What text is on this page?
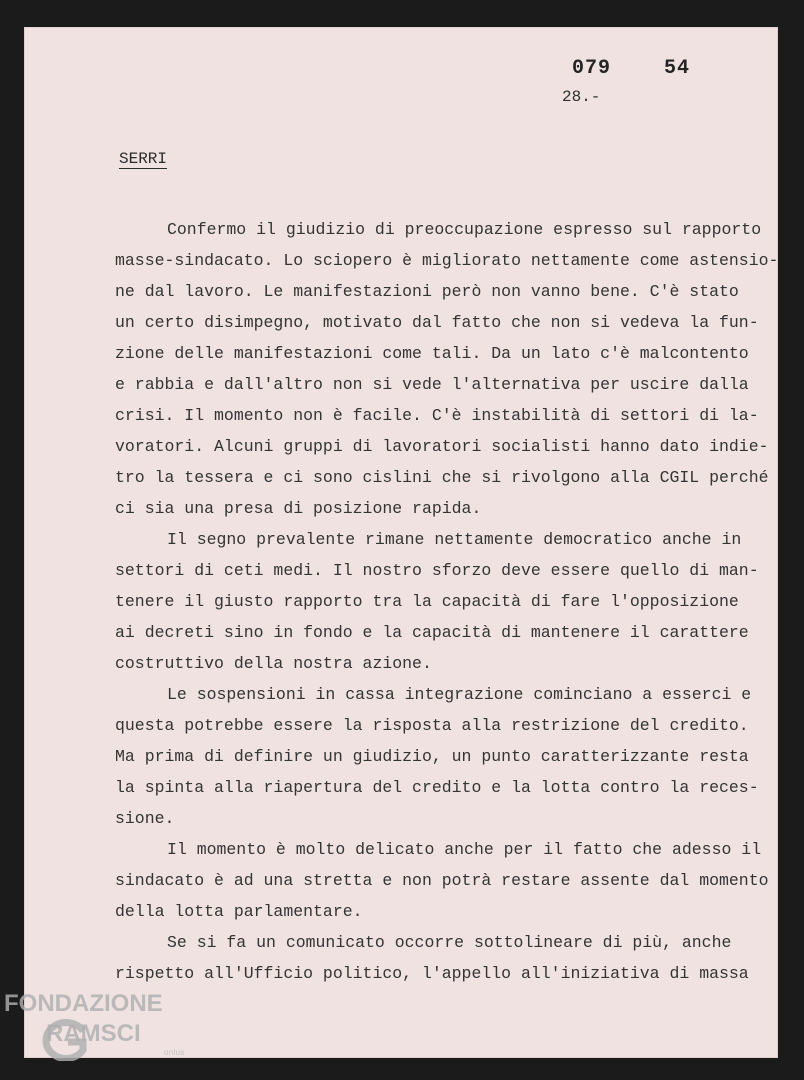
079	54

28.-

SERRI

Confermo il giudizio di preoccupazione espresso sul rapporto
masse-sindacato. Lo sciopero è migliorato nettamente come astensio-
ne dal lavoro. Le manifestazioni però non vanno bene. C'è stato
un certo disimpegno, motivato dal fatto che non si vedeva la fun-
zione delle manifestazioni come tali. Da un lato c'è malcontento
e rabbia e dall'altro non si vede l'alternativa per uscire dalla
crisi. Il momento non è facile. C'è instabilità di settori di la-
voratori. Alcuni gruppi di lavoratori socialisti hanno dato indie-
tro la tessera e ci sono cislini che si rivolgono alla CGIL perché
ci sia una presa di posizione rapida.

Il segno prevalente rimane nettamente democratico anche in
settori di ceti medi. Il nostro sforzo deve essere quello di man-
tenere il giusto rapporto tra la capacità di fare l'opposizione
ai decreti sino in fondo e la capacità di mantenere il carattere
costruttivo della nostra azione.

Le sospensioni in cassa integrazione cominciano a esserci e
questa potrebbe essere la risposta alla restrizione del credito.
Ma prima di definire un giudizio, un punto caratterizzante resta
la spinta alla riapertura del credito e la lotta contro la reces-
sione.

Il momento è molto delicato anche per il fatto che adesso il
sindacato è ad una stretta e non potrà restare assente dal momento
della lotta parlamentare.

Se si fa un comunicato occorre sottolineare di più, anche
rispetto all'Ufficio politico, l'appello all'iniziativa di massa

FONDAZIONE
RAMSCI
onlus
